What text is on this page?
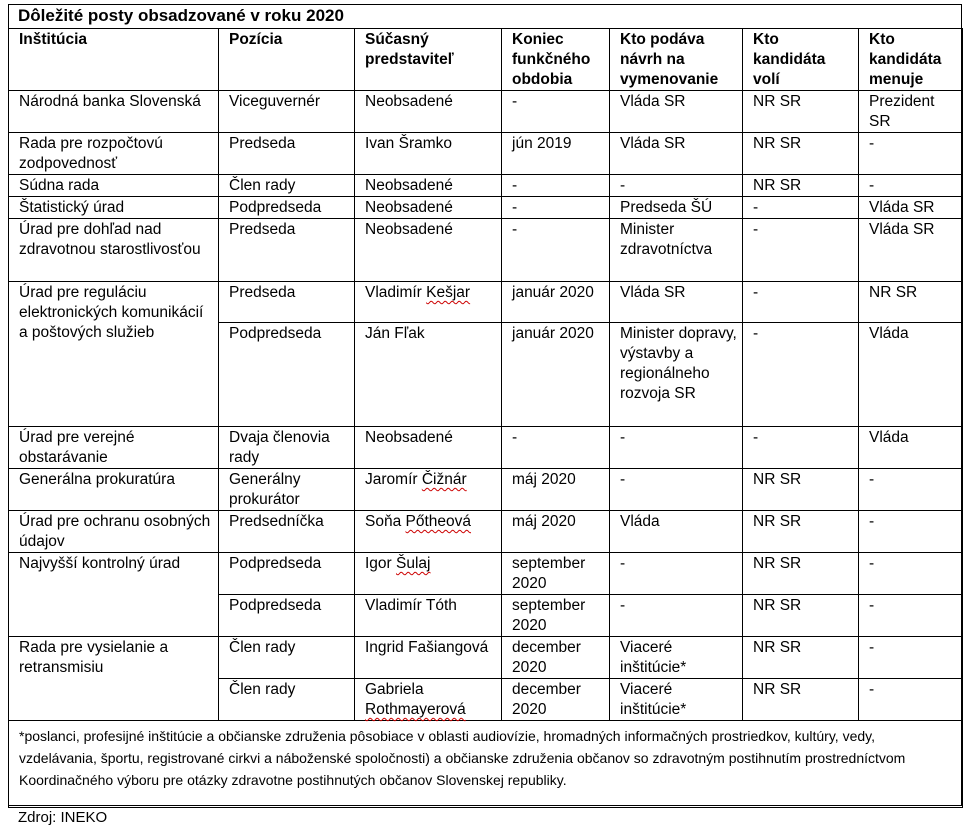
Dôležité posty obsadzované v roku 2020
Inštitúcia	Pozícia	Súčasný predstaviteľ	Koniec funkčného obdobia	Kto podáva návrh na vymenovanie	Kto kandidáta volí	Kto kandidáta menuje
Národná banka Slovenská	Viceguvernér	Neobsadené	-	Vláda SR	NR SR	Prezident SR
Rada pre rozpočtovú zodpovednosť	Predseda	Ivan Šramko	jún 2019	Vláda SR	NR SR	-
Súdna rada	Člen rady	Neobsadené	-	-	NR SR	-
Štatistický úrad	Podpredseda	Neobsadené	-	Predseda ŠÚ	-	Vláda SR
Úrad pre dohľad nad zdravotnou starostlivosťou	Predseda	Neobsadené	-	Minister zdravotníctva	-	Vláda SR
Úrad pre reguláciu elektronických komunikácií a poštových služieb	Predseda	Vladimír Kešjar	január 2020	Vláda SR	-	NR SR
	Podpredseda	Ján Fľak	január 2020	Minister dopravy, výstavby a regionálneho rozvoja SR	-	Vláda
Úrad pre verejné obstarávanie	Dvaja členovia rady	Neobsadené	-	-	-	Vláda
Generálna prokuratúra	Generálny prokurátor	Jaromír Čižnár	máj 2020	-	NR SR	-
Úrad pre ochranu osobných údajov	Predsedníčka	Soňa Pőtheová	máj 2020	Vláda	NR SR	-
Najvyšší kontrolný úrad	Podpredseda	Igor Šulaj	september 2020	-	NR SR	-
	Podpredseda	Vladimír Tóth	september 2020	-	NR SR	-
Rada pre vysielanie a retransmisiu	Člen rady	Ingrid Fašiangová	december 2020	Viaceré inštitúcie*	NR SR	-
	Člen rady	Gabriela Rothmayerová	december 2020	Viaceré inštitúcie*	NR SR	-
*poslanci, profesijné inštitúcie a občianske združenia pôsobiace v oblasti audiovízie, hromadných informačných prostriedkov, kultúry, vedy, vzdelávania, športu, registrované cirkvi a náboženské spoločnosti) a občianske združenia občanov so zdravotným postihnutím prostredníctvom Koordinačného výboru pre otázky zdravotne postihnutých občanov Slovenskej republiky.						
Zdroj: INEKO
